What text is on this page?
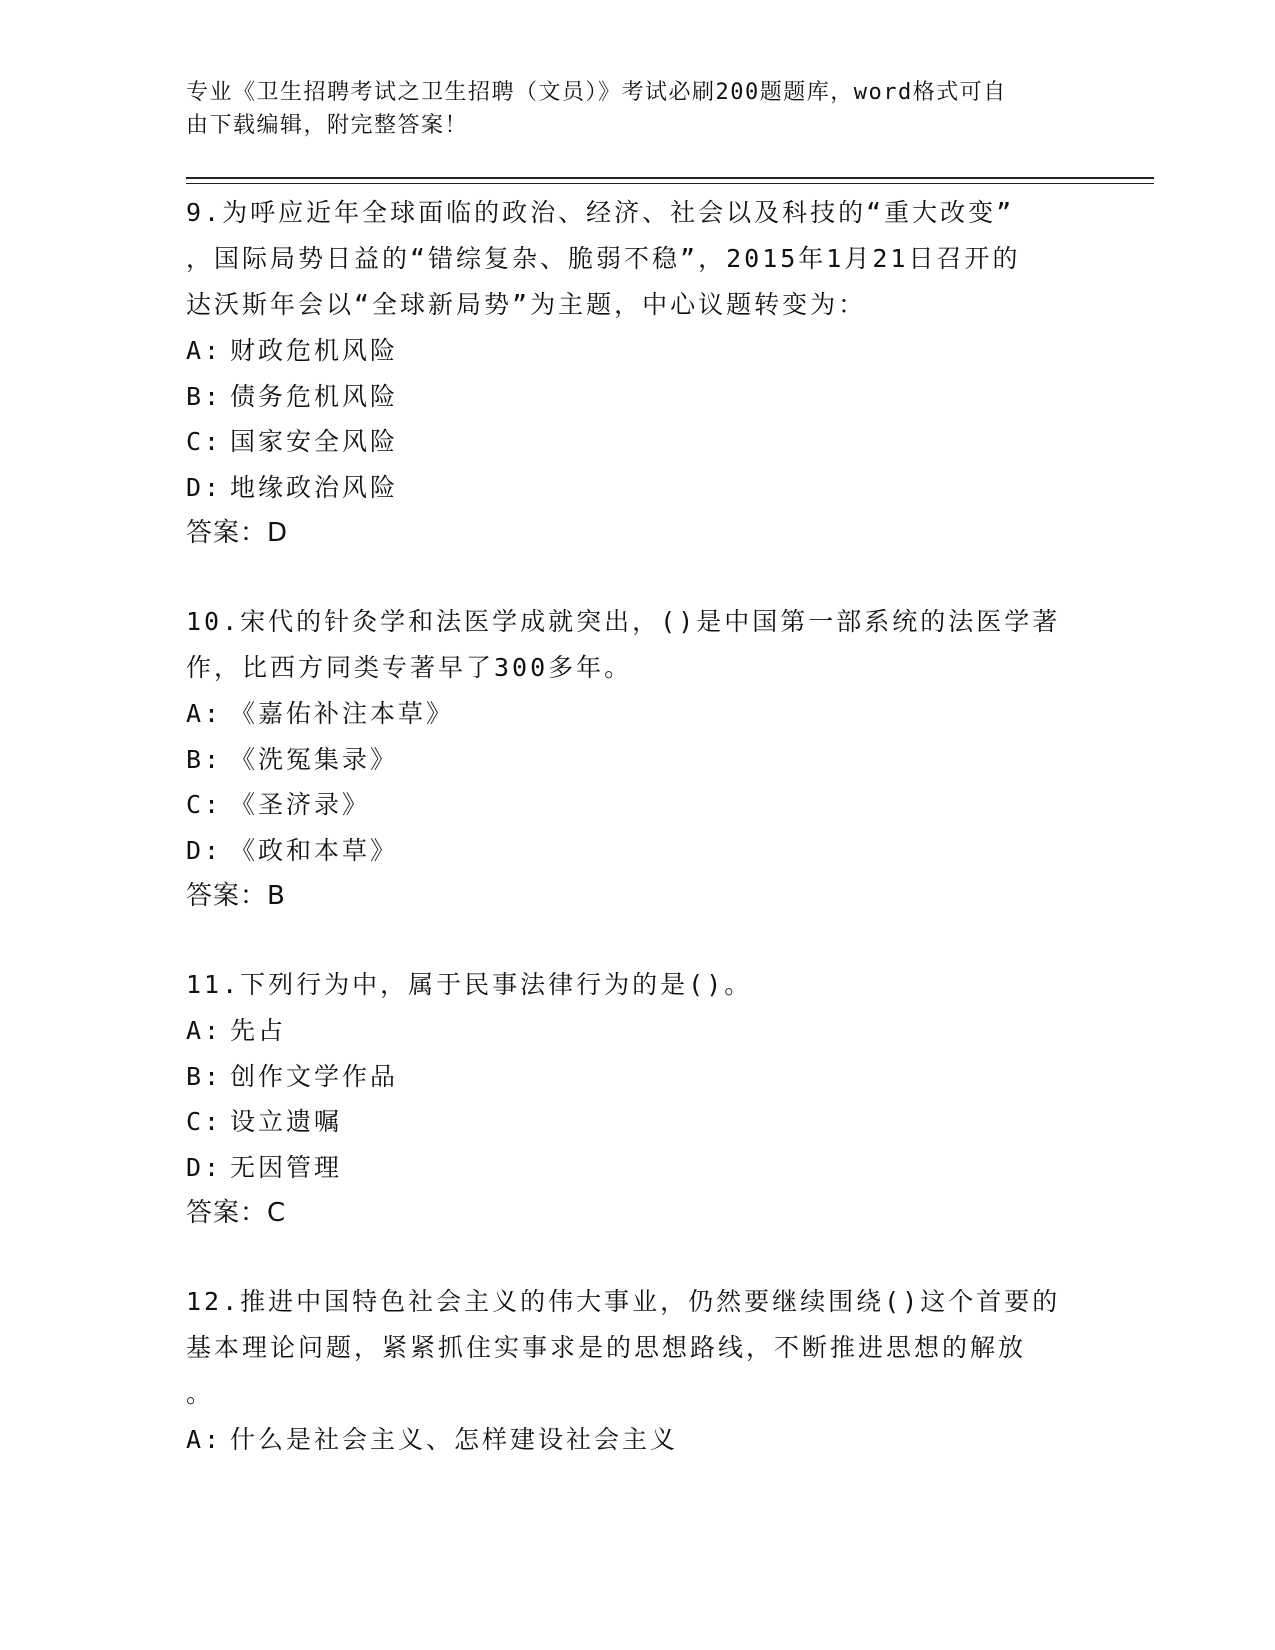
专业《卫生招聘考试之卫生招聘（文员）》考试必刷200题题库，word格式可自
由下载编辑，附完整答案！
9.为呼应近年全球面临的政治、经济、社会以及科技的“重大改变”
，国际局势日益的“错综复杂、脆弱不稳”，2015年1月21日召开的
达沃斯年会以“全球新局势”为主题，中心议题转变为：
A: 财政危机风险
B: 债务危机风险
C: 国家安全风险
D: 地缘政治风险
答案：D
10.宋代的针灸学和法医学成就突出，()是中国第一部系统的法医学著
作，比西方同类专著早了300多年。
A: 《嘉佑补注本草》
B: 《洗冤集录》
C: 《圣济录》
D: 《政和本草》
答案：B
11.下列行为中，属于民事法律行为的是()。
A: 先占
B: 创作文学作品
C: 设立遗嘱
D: 无因管理
答案：C
12.推进中国特色社会主义的伟大事业，仍然要继续围绕()这个首要的
基本理论问题，紧紧抓住实事求是的思想路线，不断推进思想的解放
。
A: 什么是社会主义、怎样建设社会主义
